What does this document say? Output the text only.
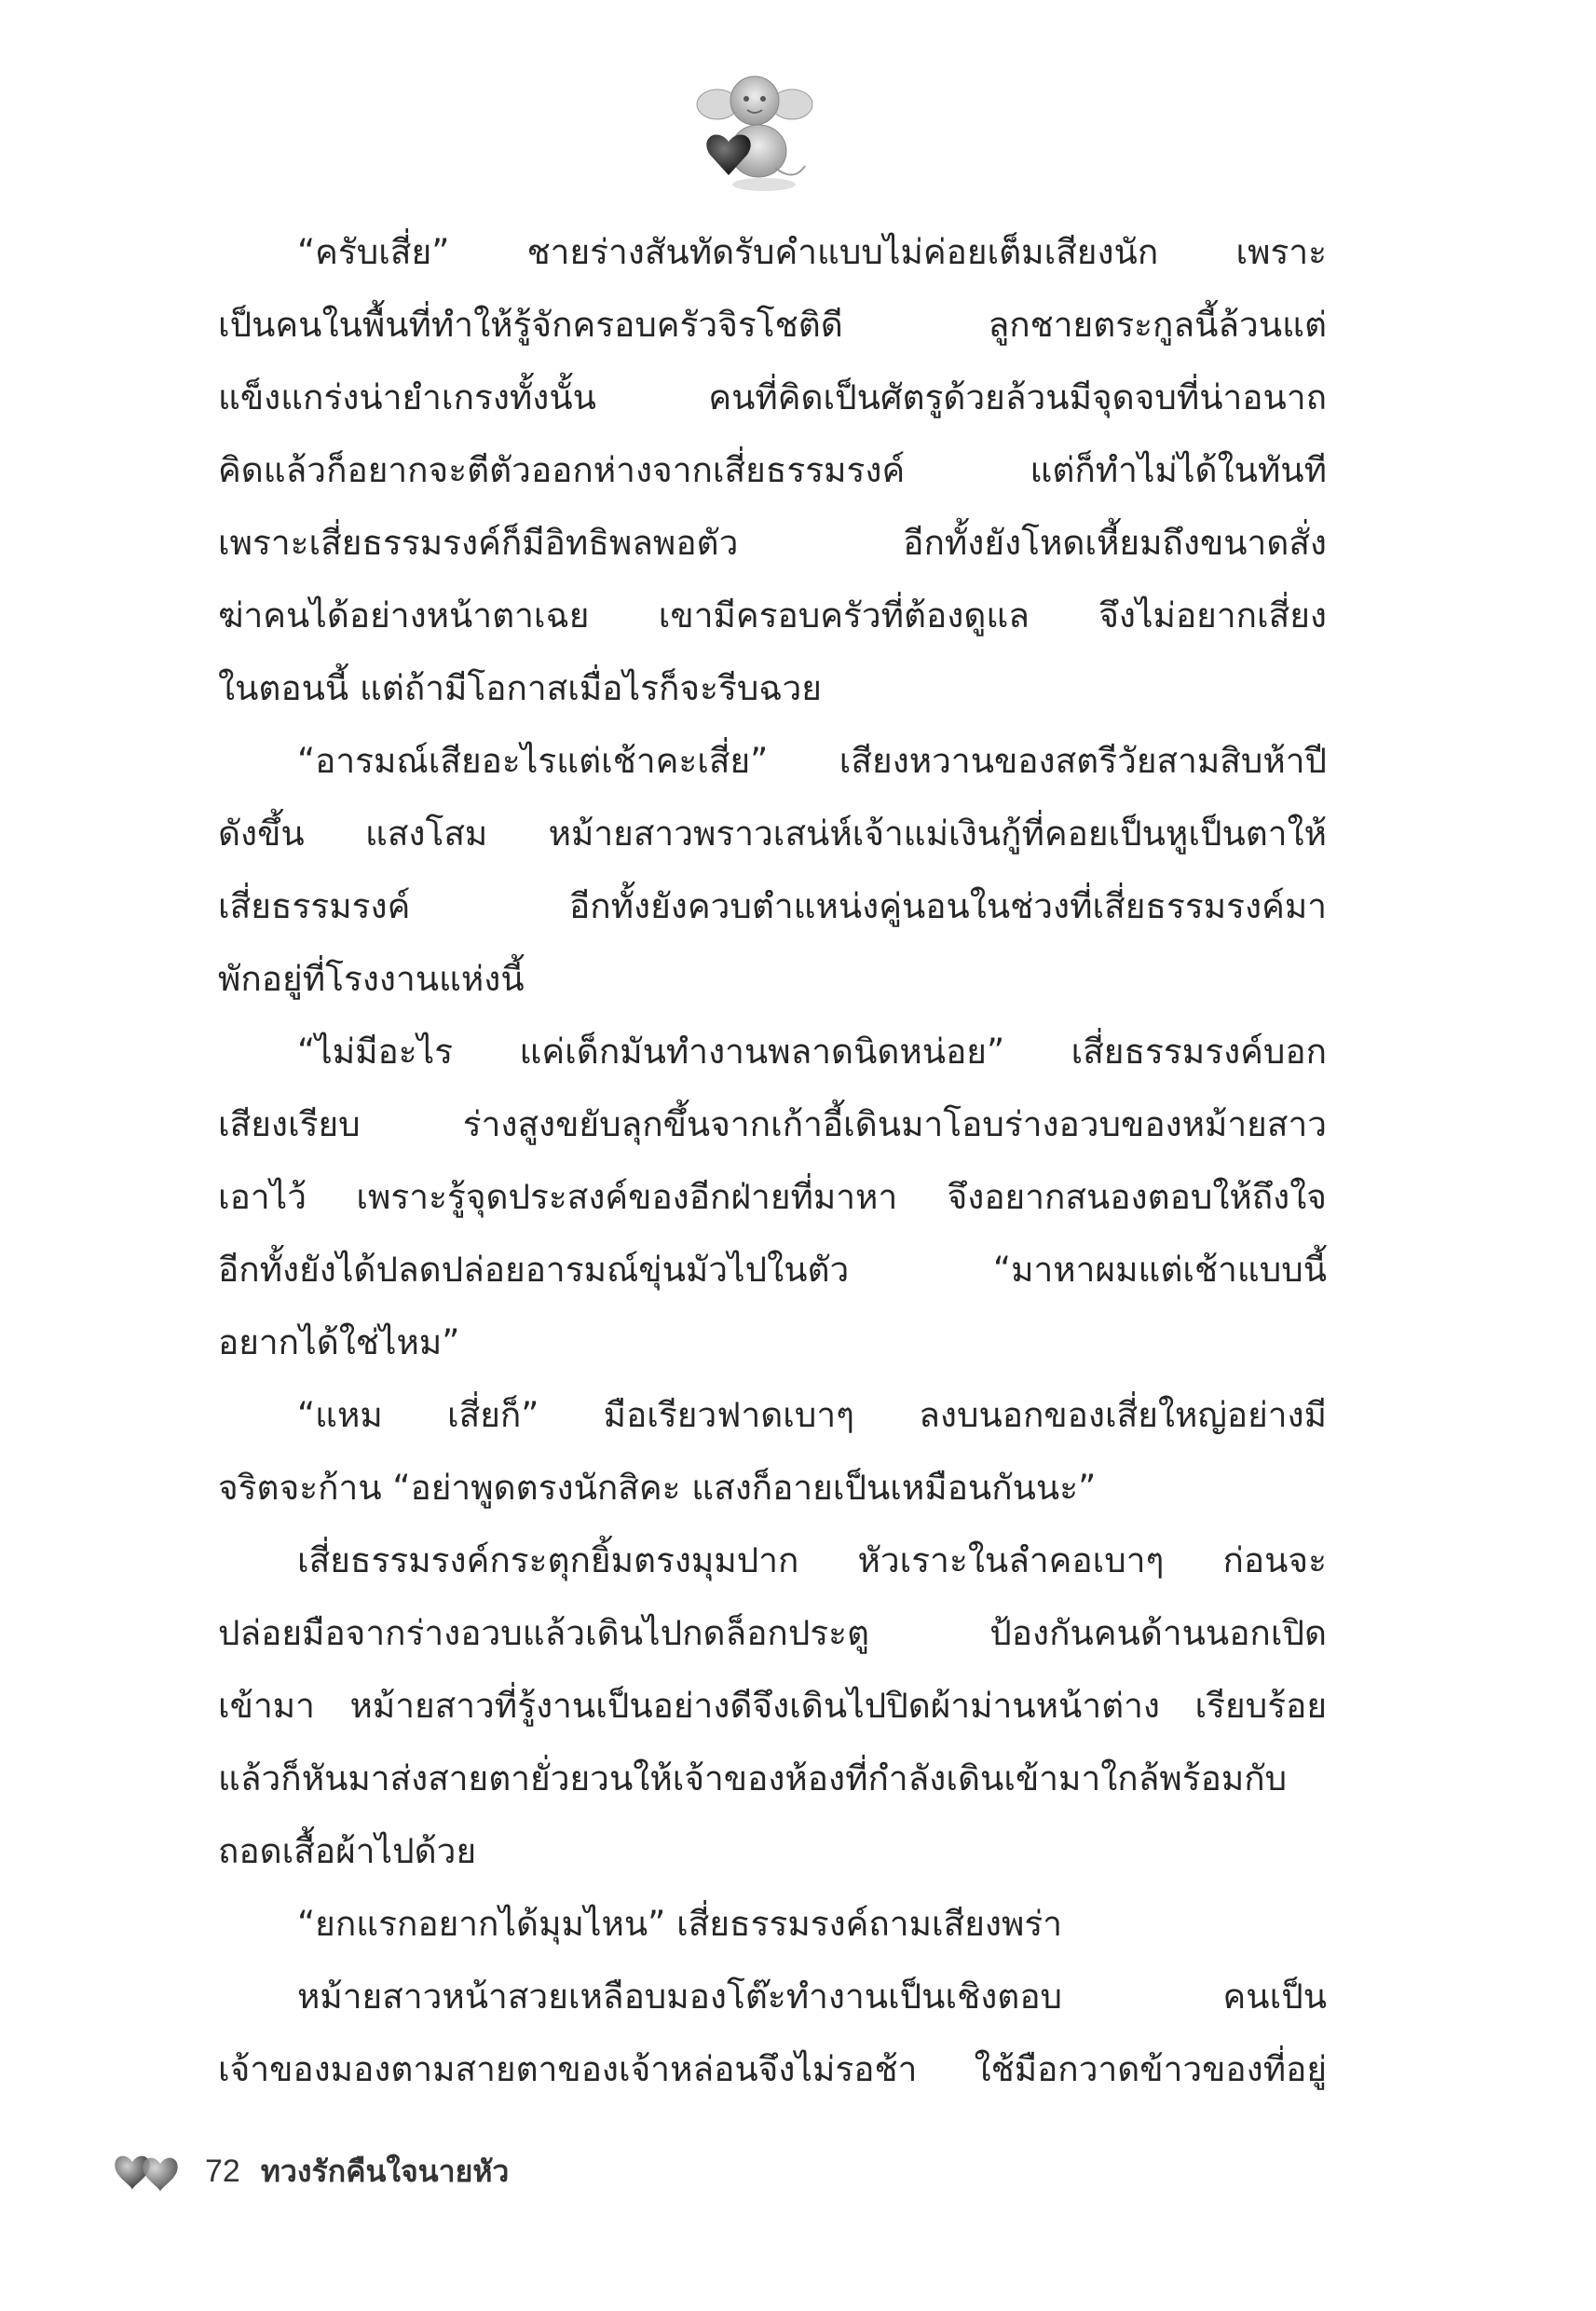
“ครับเสี่ย” ชายร่างสันทัดรับคำแบบไม่ค่อยเต็มเสียงนัก เพราะ
เป็นคนในพื้นที่ทำให้รู้จักครอบครัวจิรโชติดี ลูกชายตระกูลนี้ล้วนแต่
แข็งแกร่งน่ายำเกรงทั้งนั้น คนที่คิดเป็นศัตรูด้วยล้วนมีจุดจบที่น่าอนาถ
คิดแล้วก็อยากจะตีตัวออกห่างจากเสี่ยธรรมรงค์ แต่ก็ทำไม่ได้ในทันที
เพราะเสี่ยธรรมรงค์ก็มีอิทธิพลพอตัว อีกทั้งยังโหดเหี้ยมถึงขนาดสั่ง
ฆ่าคนได้อย่างหน้าตาเฉย เขามีครอบครัวที่ต้องดูแล จึงไม่อยากเสี่ยง
ในตอนนี้ แต่ถ้ามีโอกาสเมื่อไรก็จะรีบฉวย
“อารมณ์เสียอะไรแต่เช้าคะเสี่ย” เสียงหวานของสตรีวัยสามสิบห้าปี
ดังขึ้น แสงโสม หม้ายสาวพราวเสน่ห์เจ้าแม่เงินกู้ที่คอยเป็นหูเป็นตาให้
เสี่ยธรรมรงค์ อีกทั้งยังควบตำแหน่งคู่นอนในช่วงที่เสี่ยธรรมรงค์มา
พักอยู่ที่โรงงานแห่งนี้
“ไม่มีอะไร แค่เด็กมันทำงานพลาดนิดหน่อย” เสี่ยธรรมรงค์บอก
เสียงเรียบ ร่างสูงขยับลุกขึ้นจากเก้าอี้เดินมาโอบร่างอวบของหม้ายสาว
เอาไว้ เพราะรู้จุดประสงค์ของอีกฝ่ายที่มาหา จึงอยากสนองตอบให้ถึงใจ
อีกทั้งยังได้ปลดปล่อยอารมณ์ขุ่นมัวไปในตัว “มาหาผมแต่เช้าแบบนี้
อยากได้ใช่ไหม”
“แหม เสี่ยก็” มือเรียวฟาดเบาๆ ลงบนอกของเสี่ยใหญ่อย่างมี
จริตจะก้าน “อย่าพูดตรงนักสิคะ แสงก็อายเป็นเหมือนกันนะ”
เสี่ยธรรมรงค์กระตุกยิ้มตรงมุมปาก หัวเราะในลำคอเบาๆ ก่อนจะ
ปล่อยมือจากร่างอวบแล้วเดินไปกดล็อกประตู ป้องกันคนด้านนอกเปิด
เข้ามา หม้ายสาวที่รู้งานเป็นอย่างดีจึงเดินไปปิดผ้าม่านหน้าต่าง เรียบร้อย
แล้วก็หันมาส่งสายตายั่วยวนให้เจ้าของห้องที่กำลังเดินเข้ามาใกล้พร้อมกับ
ถอดเสื้อผ้าไปด้วย
“ยกแรกอยากได้มุมไหน” เสี่ยธรรมรงค์ถามเสียงพร่า
หม้ายสาวหน้าสวยเหลือบมองโต๊ะทำงานเป็นเชิงตอบ คนเป็น
เจ้าของมองตามสายตาของเจ้าหล่อนจึงไม่รอช้า ใช้มือกวาดข้าวของที่อยู่
72 ทวงรักคืนใจนายหัว
